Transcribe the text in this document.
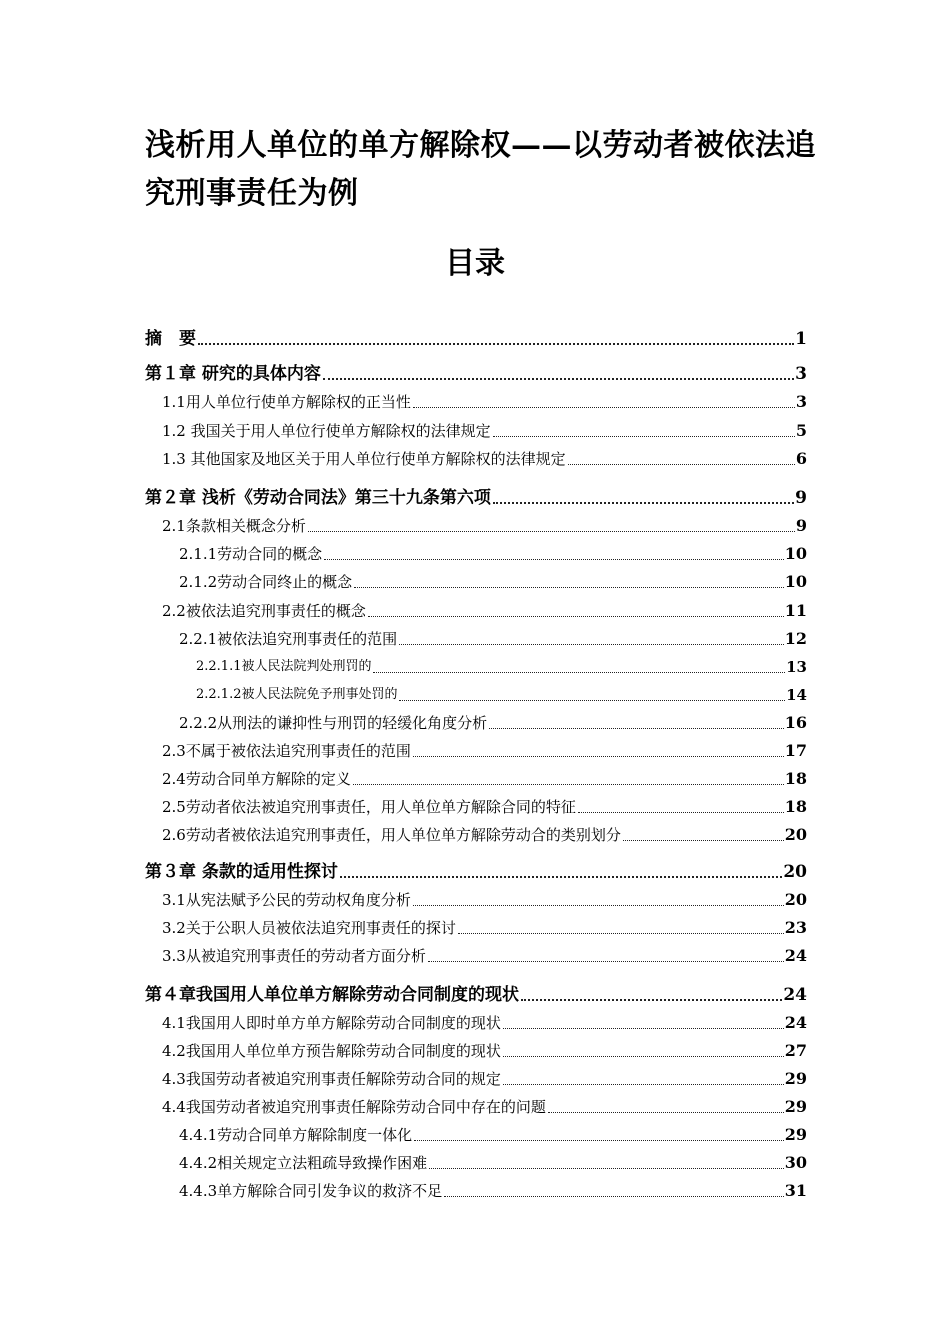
浅析用人单位的单方解除权——以劳动者被依法追究刑事责任为例
目录
摘　要	1
第１章 研究的具体内容	3
1.1用人单位行使单方解除权的正当性	3
1.2 我国关于用人单位行使单方解除权的法律规定	5
1.3 其他国家及地区关于用人单位行使单方解除权的法律规定	6
第２章 浅析《劳动合同法》第三十九条第六项	9
2.1条款相关概念分析	9
2.1.1劳动合同的概念	10
2.1.2劳动合同终止的概念	10
2.2被依法追究刑事责任的概念	11
2.2.1被依法追究刑事责任的范围	12
2.2.1.1被人民法院判处刑罚的	13
2.2.1.2被人民法院免予刑事处罚的	14
2.2.2从刑法的谦抑性与刑罚的轻缓化角度分析	16
2.3不属于被依法追究刑事责任的范围	17
2.4劳动合同单方解除的定义	18
2.5劳动者依法被追究刑事责任，用人单位单方解除合同的特征	18
2.6劳动者被依法追究刑事责任，用人单位单方解除劳动合的类别划分	20
第３章 条款的适用性探讨	20
3.1从宪法赋予公民的劳动权角度分析	20
3.2关于公职人员被依法追究刑事责任的探讨	23
3.3从被追究刑事责任的劳动者方面分析	24
第４章我国用人单位单方解除劳动合同制度的现状	24
4.1我国用人即时单方单方解除劳动合同制度的现状	24
4.2我国用人单位单方预告解除劳动合同制度的现状	27
4.3我国劳动者被追究刑事责任解除劳动合同的规定	29
4.4我国劳动者被追究刑事责任解除劳动合同中存在的问题	29
4.4.1劳动合同单方解除制度一体化	29
4.4.2相关规定立法粗疏导致操作困难	30
4.4.3单方解除合同引发争议的救济不足	31
